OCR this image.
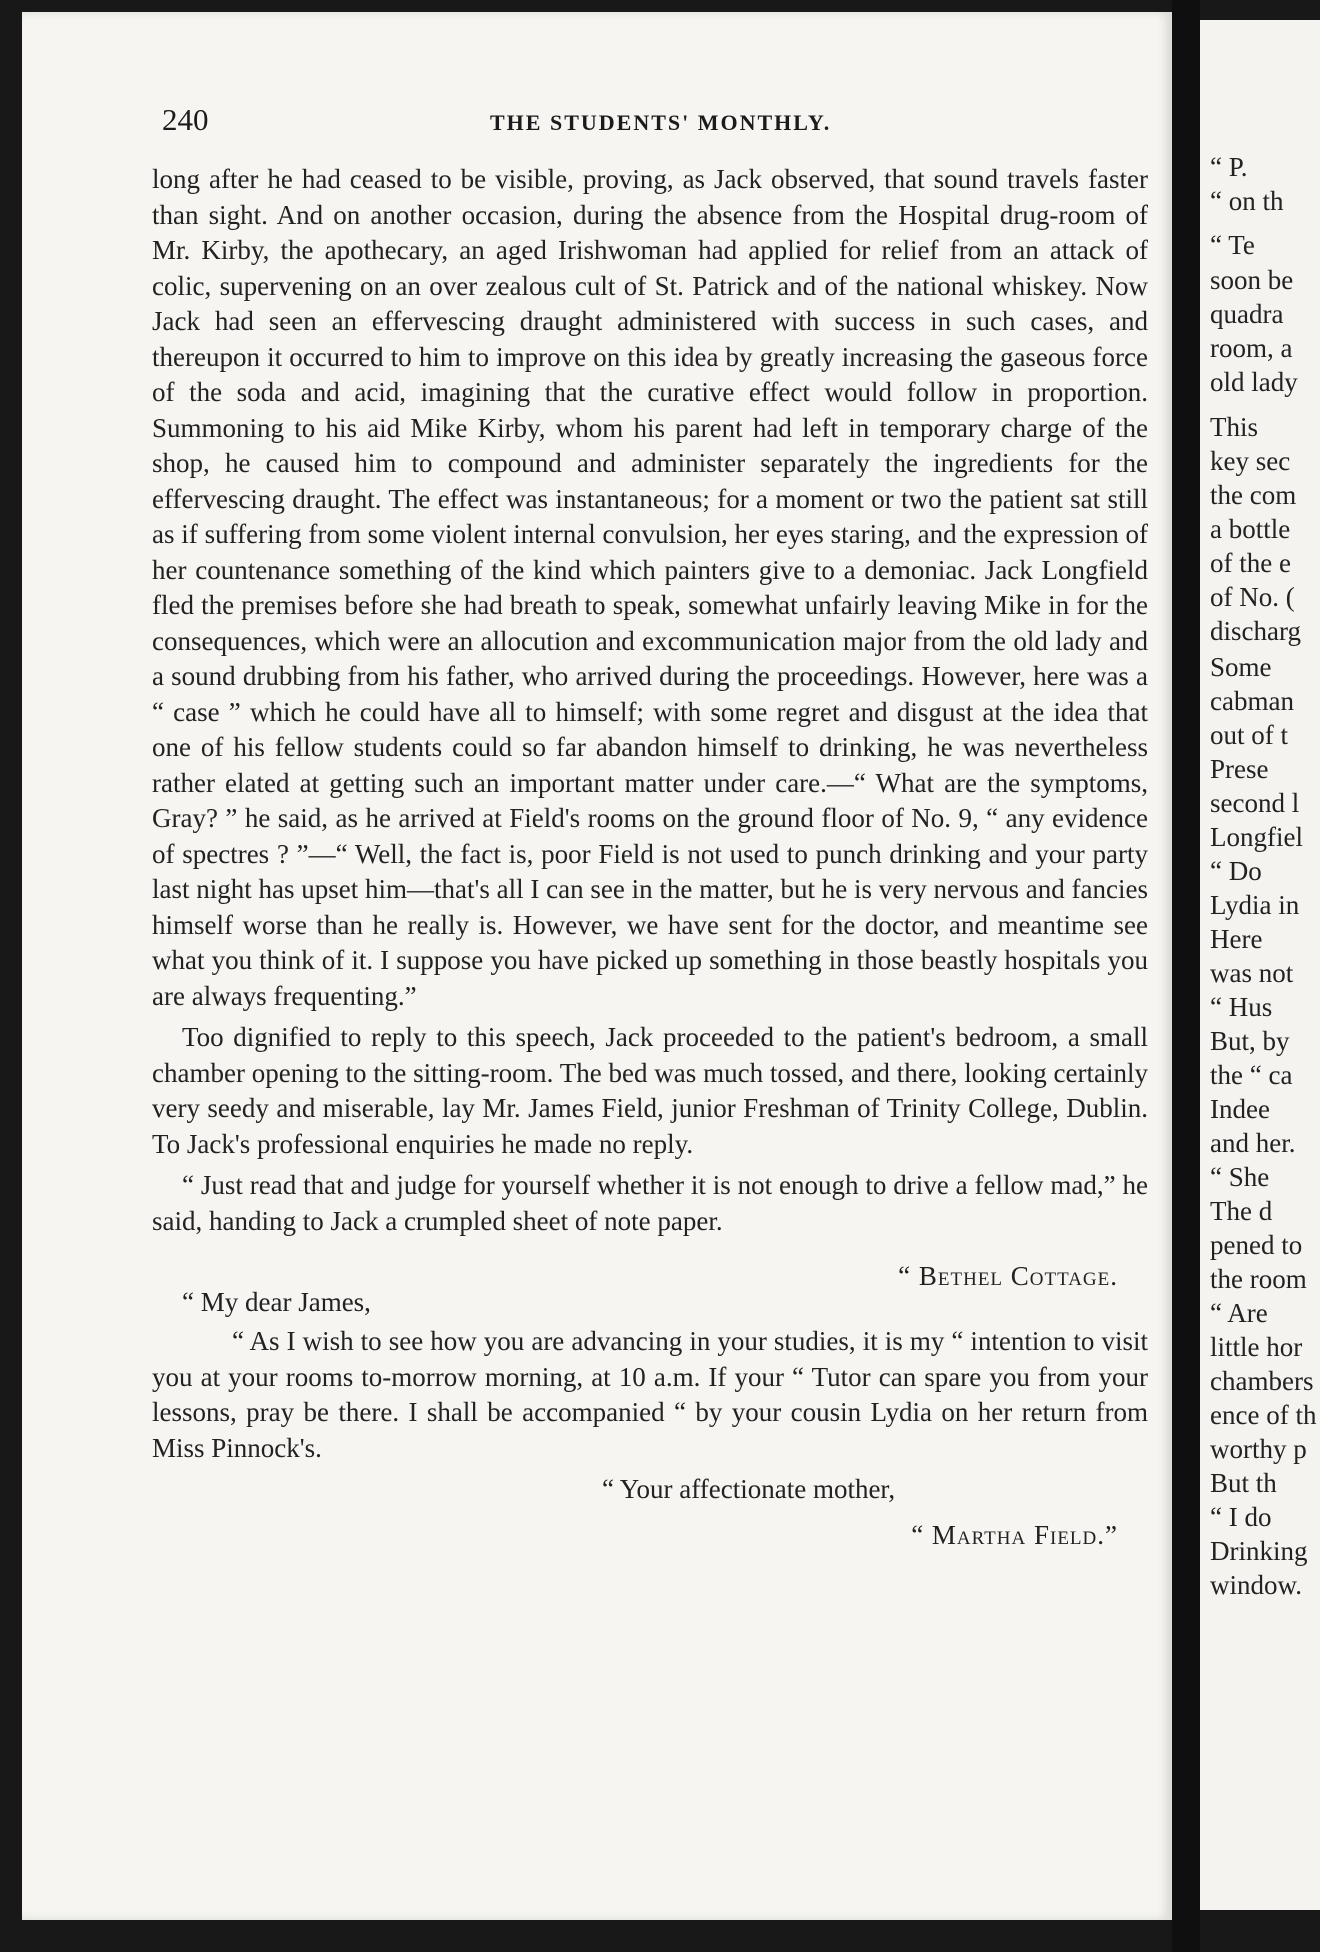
“ P.

“ on th

“ Te

soon be

quadra

room, a

old lady

This

key sec

the com

a bottle

of the e

of No. (

discharg

Some

cabman

out of t

Prese

second l

Longfiel

“ Do

Lydia in

Here

was not

“ Hus

But, by

the “ ca

Indee

and her.

“ She

The d

pened to

the room

“ Are

little hor

chambers

ence of th

worthy p

But th

“ I do

Drinking

window.

240	THE STUDENTS' MONTHLY.

long after he had ceased to be visible, proving, as Jack observed, that sound travels faster than sight. And on another occasion, during the absence from the Hospital drug-room of Mr. Kirby, the apothecary, an aged Irishwoman had applied for relief from an attack of colic, supervening on an over zealous cult of St. Patrick and of the national whiskey. Now Jack had seen an effervescing draught administered with success in such cases, and thereupon it occurred to him to improve on this idea by greatly increasing the gaseous force of the soda and acid, imagining that the curative effect would follow in proportion. Summoning to his aid Mike Kirby, whom his parent had left in temporary charge of the shop, he caused him to compound and administer separately the ingredients for the effervescing draught. The effect was instantaneous; for a moment or two the patient sat still as if suffering from some violent internal convulsion, her eyes staring, and the expression of her countenance something of the kind which painters give to a demoniac. Jack Longfield fled the premises before she had breath to speak, somewhat unfairly leaving Mike in for the consequences, which were an allocution and excommunication major from the old lady and a sound drubbing from his father, who arrived during the proceedings. However, here was a “ case ” which he could have all to himself; with some regret and disgust at the idea that one of his fellow students could so far abandon himself to drinking, he was nevertheless rather elated at getting such an important matter under care.—“ What are the symptoms, Gray? ” he said, as he arrived at Field's rooms on the ground floor of No. 9, “ any evidence of spectres ? ”—“ Well, the fact is, poor Field is not used to punch drinking and your party last night has upset him—that's all I can see in the matter, but he is very nervous and fancies himself worse than he really is. However, we have sent for the doctor, and meantime see what you think of it. I suppose you have picked up something in those beastly hospitals you are always frequenting.”

Too dignified to reply to this speech, Jack proceeded to the patient's bedroom, a small chamber opening to the sitting-room. The bed was much tossed, and there, looking certainly very seedy and miserable, lay Mr. James Field, junior Freshman of Trinity College, Dublin. To Jack's professional enquiries he made no reply.

“ Just read that and judge for yourself whether it is not enough to drive a fellow mad,” he said, handing to Jack a crumpled sheet of note paper.

“ Bethel Cottage.

“ My dear James,

“ As I wish to see how you are advancing in your studies, it is my “ intention to visit you at your rooms to-morrow morning, at 10 a.m. If your “ Tutor can spare you from your lessons, pray be there. I shall be accompanied “ by your cousin Lydia on her return from Miss Pinnock's.

“ Your affectionate mother,

“ Martha Field.”
